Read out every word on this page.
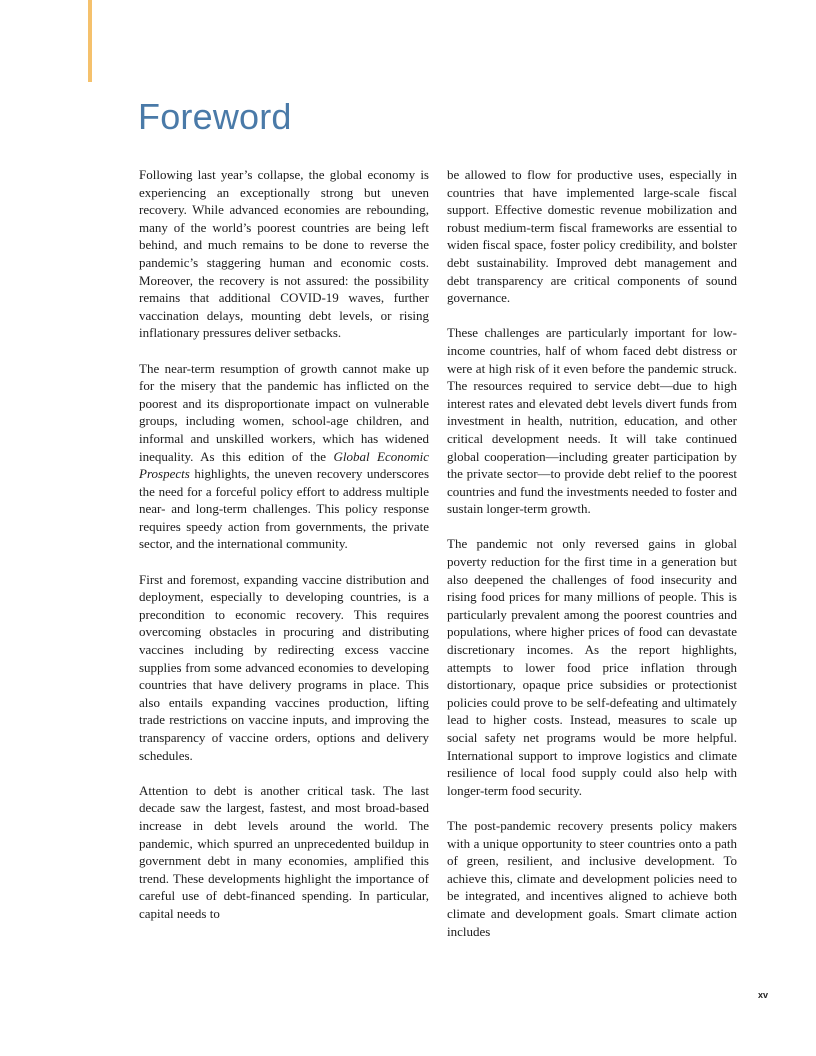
Foreword

Following last year’s collapse, the global economy is experiencing an exceptionally strong but uneven recovery. While advanced economies are rebounding, many of the world’s poorest countries are being left behind, and much remains to be done to reverse the pandemic’s staggering human and economic costs. Moreover, the recovery is not assured: the possibility remains that additional COVID-19 waves, further vaccination delays, mounting debt levels, or rising inflationary pressures deliver setbacks.

The near-term resumption of growth cannot make up for the misery that the pandemic has inflicted on the poorest and its disproportionate impact on vulnerable groups, including women, school-age children, and informal and unskilled workers, which has widened inequality. As this edition of the Global Economic Prospects highlights, the uneven recovery underscores the need for a forceful policy effort to address multiple near- and long-term challenges. This policy response requires speedy action from governments, the private sector, and the international community.

First and foremost, expanding vaccine distribution and deployment, especially to developing countries, is a precondition to economic recovery. This requires overcoming obstacles in procuring and distributing vaccines including by redirecting excess vaccine supplies from some advanced economies to developing countries that have delivery programs in place. This also entails expanding vaccines production, lifting trade restrictions on vaccine inputs, and improving the transparency of vaccine orders, options and delivery schedules.

Attention to debt is another critical task. The last decade saw the largest, fastest, and most broad-based increase in debt levels around the world. The pandemic, which spurred an unprecedented buildup in government debt in many economies, amplified this trend. These developments highlight the importance of careful use of debt-financed spending. In particular, capital needs to

be allowed to flow for productive uses, especially in countries that have implemented large-scale fiscal support. Effective domestic revenue mobilization and robust medium-term fiscal frameworks are essential to widen fiscal space, foster policy credibility, and bolster debt sustainability. Improved debt management and debt transparency are critical components of sound governance.

These challenges are particularly important for low-income countries, half of whom faced debt distress or were at high risk of it even before the pandemic struck. The resources required to service debt—due to high interest rates and elevated debt levels divert funds from investment in health, nutrition, education, and other critical development needs. It will take continued global cooperation—including greater participation by the private sector—to provide debt relief to the poorest countries and fund the investments needed to foster and sustain longer-term growth.

The pandemic not only reversed gains in global poverty reduction for the first time in a generation but also deepened the challenges of food insecurity and rising food prices for many millions of people. This is particularly prevalent among the poorest countries and populations, where higher prices of food can devastate discretionary incomes. As the report highlights, attempts to lower food price inflation through distortionary, opaque price subsidies or protectionist policies could prove to be self-defeating and ultimately lead to higher costs. Instead, measures to scale up social safety net programs would be more helpful. International support to improve logistics and climate resilience of local food supply could also help with longer-term food security.

The post-pandemic recovery presents policy makers with a unique opportunity to steer countries onto a path of green, resilient, and inclusive development. To achieve this, climate and development policies need to be integrated, and incentives aligned to achieve both climate and development goals. Smart climate action includes

xv
